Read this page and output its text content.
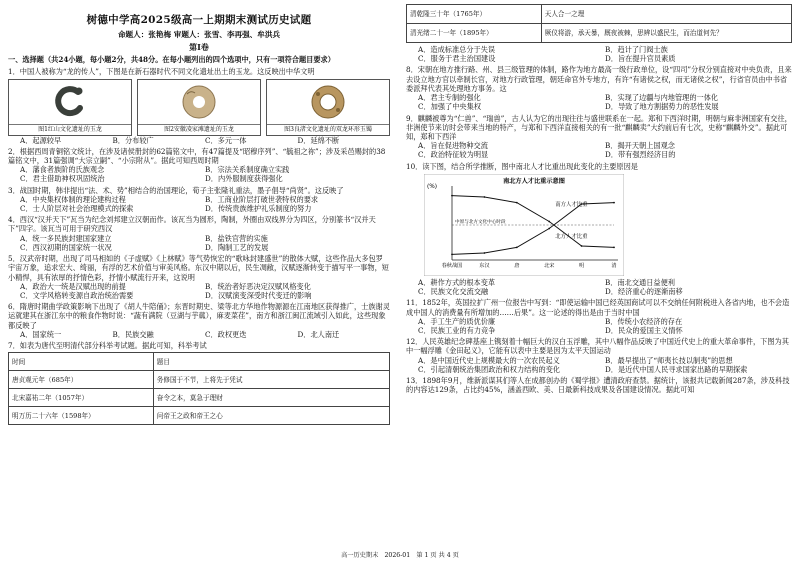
树德中学高2025级高一上期期末测试历史试题
命题人：张艳梅 审题人：张雪、李再强、牟洪兵
第Ⅰ卷

一、选择题（共24小题，每小题2分，共48分。在每小题列出的四个选项中，只有一项符合题目要求）

1．中国人被称为“龙的传人”，下图是在新石器时代不同文化遗址出土的玉龙。这反映出中华文明

图1红山文化遗址的玉龙	图2安徽凌家滩遗址的玉龙	图3良渚文化遗址的双龙环形玉镯
A．起源较早	B．分布较广	C．多元一体	D．延绵不断

2．根据西周青铜铭文统计，在涉及诸侯册封的62篇铭文中，有47篇提及“昭穆序列”、“毓祖之祢”；涉及采邑赐封的38篇铭文中，31篇强调“大宗立嗣”、“小宗附从”。据此可知西周时期

A．藩食者族阶的氏族观念	B．宗法关系制度确立实践
C．君主借助神权巩固统治	D．内外服制度获得强化

3．战国时期，韩非提出“法、术、势”相结合的治国理论，荀子主张隆礼重法，墨子倡导“尚贤”。这反映了

A．中央集权体制的理论建构过程	B．工商业阶层打破世袭特权的要求
C．士人阶层对社会治理模式的探索	D．传统贵族维护礼乐制度的努力

4．西汉“汉并天下”瓦当为纪念刘邦建立汉朝而作。该瓦当为圆形，陶制，外圈由双线界分为四区，分别篆书“汉并天下”四字。该瓦当可用于研究西汉

A．统一多民族封建国家建立	B．盐铁官营的实施
C．西汉初期的国家统一状况	D．陶制工艺的发展

5．汉武帝时期，出现了司马相如的《子虚赋》《上林赋》等气势恢宏的“歌咏封建盛世”的散体大赋，这些作品大多包罗宇宙万象，追求宏大、绮丽，有浮的艺术价值与审美风格。东汉中期以后，民生凋敝，汉赋逐渐转变于描写平一事物，短小精悍，具有浓厚的抒情色彩，抒情小赋流行开来，这说明

A．政治大一统是汉赋出现的前提	B．统治者好恶决定汉赋风格变化
C．文学风格转变源自政治统治需要	D．汉赋演变深受时代变迁的影响

6．隋唐时期曲学政策影响下出现了《胡人牛陪俑》；东晋时期史、梁等北方华地作物源源在江南地区获得推广，士族谢灵运就建其在浙江东中的粮食作物时说：“蔬有满院（豆湖与芋蓏），麻麦菜荏”，南方和浙江闽江流域引入如此，这些现象都反映了

A．国家统一	B．民族交融	C．政权更迭	D．北人南迁

7．如表为唐代至明清代部分科举考试题。据此可知，科举考试

时间	题目
唐贞观元年（685年）	务修国于不节，上将先于凭试
北宋嘉祐二年（1057年）	奋令之本，莫急于理财
明万历二十六年（1598年）	问帝王之政和帝王之心
清乾隆三十年（1765年）	天人合一之理
清光绪二十一年（1895年）	厥仪将游，承天暴，厩夜被棘，思辨以盛民生，而治道何先？
A．造成标准总分于失误	B．趋计了门阀士族
C．服务于君主治国建设	D．旨在提升官员素质

8．宋朝在地方推行路、州、县三级管理的体制，路作为地方最高一级行政单位，设“四司”分权分别直接对中央负责，且来去设立地方官以牵制长官，对地方行政管理，朝廷命官外专地方，有许“有诸侯之权，而无诸侯之权”，行省官员由中书省委派拜代表其处理地方事务。这

A．君主专制的强化	B．实现了边疆与内地管理的一体化
C．加强了中央集权	D．导致了地方割据势力的恶性发展

9．麒麟被尊为“仁兽”、“瑞兽”，古人认为它的出现往往与盛世联系在一起。郑和下西洋时期，明朝与麻非洲国家有交往，非洲使节来访时会带来当地的特产，与郑和下西洋直接相关的有一批“麒麟卖”大约前后有七次，史称“麒麟外交”。据此可知，郑和下西洋

A．旨在促进物种交流	B．揭开天朝上国观念
C．政治特征较为明显	D．带有强烈经济目的

10．读下图，结合所学推断，图中南北人才比重出现此变化的主要原因是

南北方人才比重示意图
(%)
南方人才比重
北方人才比重
春秋战国	东汉	唐	北宋	明	清
中原与北方文化中心时段
A．耕作方式的根本变革	B．南北交通日益便利
C．民族文化交流交融	D．经济重心的逐渐南移

11．1852年，英国拉扩广州一位报告中写到：“即使运输中国已经英国商试可以不交纳任何附税进入各省内地，也不会造成中国人的消费量有所增加的……后果”。这一论述的得出是由于当时中国

A．手工生产的质优价廉	B．传统小农经济的存在
C．民族工业的有力竞争	D．民众的爱国主义情怀

12．人民英雄纪念碑基座上镌刻着十幅巨大的汉白玉浮雕，其中八幅作品反映了中国近代史上的重大革命事件，下图为其中一幅浮雕《金田起义》，它能有以表中主要是因为太平天国运动

A．是中国近代史上规模最大的一次农民起义	B．最早提出了“师夷长技以制夷”的思想
C．引起清朝统治集团政治和权力结构的变化	D．是近代中国人民寻求国家出路的早期探索

13．1898年9月，维新派谋其们等人在成都创办的《蜀学报》遭清政府查禁。据统计，该报共记载新闻287条，涉及科技的内容达129条，占比约45%，涵盖西欧、美、日最新科技成果及各国建设情况。据此可知

高一历史期末　2026-01　第 1 页 共 4 页
